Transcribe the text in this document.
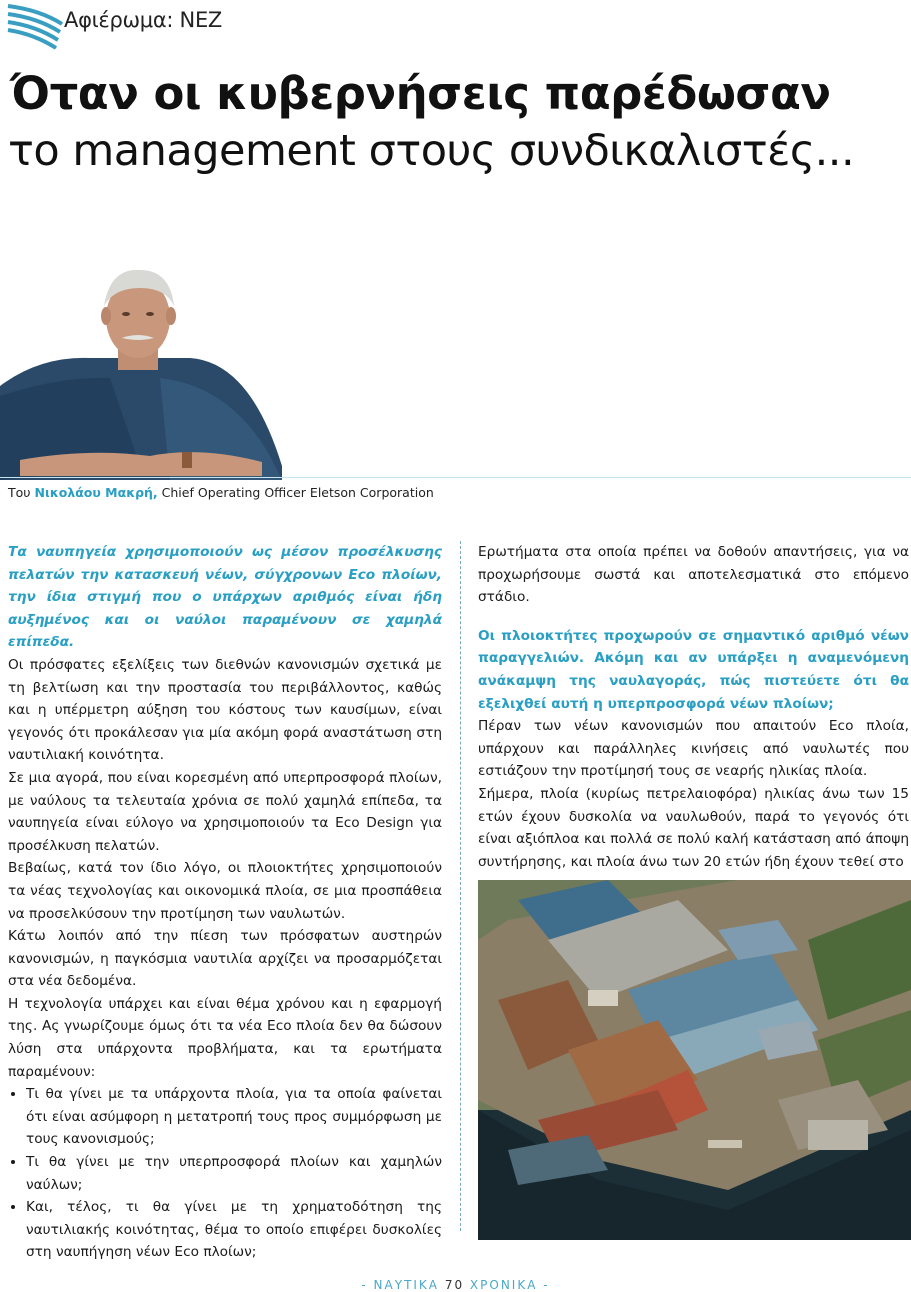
Αφιέρωμα: ΝΕΖ
Όταν οι κυβερνήσεις παρέδωσαν
το management στους συνδικαλιστές...
Του Νικολάου Μακρή, Chief Operating Officer Eletson Corporation

Τα ναυπηγεία χρησιμοποιούν ως μέσον προσέλκυσης πελατών την κατασκευή νέων, σύγχρονων Eco πλοίων, την ίδια στιγμή που ο υπάρχων αριθμός είναι ήδη αυξημένος και οι ναύλοι παραμένουν σε χαμηλά επίπεδα.

Οι πρόσφατες εξελίξεις των διεθνών κανονισμών σχετικά με τη βελτίωση και την προστασία του περιβάλλοντος, καθώς και η υπέρμετρη αύξηση του κόστους των καυσίμων, είναι γεγονός ότι προκάλεσαν για μία ακόμη φορά αναστάτωση στη ναυτιλιακή κοινότητα.

Σε μια αγορά, που είναι κορεσμένη από υπερπροσφορά πλοίων, με ναύλους τα τελευταία χρόνια σε πολύ χαμηλά επίπεδα, τα ναυπηγεία είναι εύλογο να χρησιμοποιούν τα Eco Design για προσέλκυση πελατών.

Βεβαίως, κατά τον ίδιο λόγο, οι πλοιοκτήτες χρησιμοποιούν τα νέας τεχνολογίας και οικονομικά πλοία, σε μια προσπάθεια να προσελκύσουν την προτίμηση των ναυλωτών.

Κάτω λοιπόν από την πίεση των πρόσφατων αυστηρών κανονισμών, η παγκόσμια ναυτιλία αρχίζει να προσαρμόζεται στα νέα δεδομένα.

Η τεχνολογία υπάρχει και είναι θέμα χρόνου και η εφαρμογή της. Ας γνωρίζουμε όμως ότι τα νέα Eco πλοία δεν θα δώσουν λύση στα υπάρχοντα προβλήματα, και τα ερωτήματα παραμένουν:

• Τι θα γίνει με τα υπάρχοντα πλοία, για τα οποία φαίνεται ότι είναι ασύμφορη η μετατροπή τους προς συμμόρφωση με τους κανονισμούς;
• Τι θα γίνει με την υπερπροσφορά πλοίων και χαμηλών ναύλων;
• Και, τέλος, τι θα γίνει με τη χρηματοδότηση της ναυτιλιακής κοινότητας, θέμα το οποίο επιφέρει δυσκολίες στη ναυπήγηση νέων Eco πλοίων;

Ερωτήματα στα οποία πρέπει να δοθούν απαντήσεις, για να προχωρήσουμε σωστά και αποτελεσματικά στο επόμενο στάδιο.

Οι πλοιοκτήτες προχωρούν σε σημαντικό αριθμό νέων παραγγελιών. Ακόμη και αν υπάρξει η αναμενόμενη ανάκαμψη της ναυλαγοράς, πώς πιστεύετε ότι θα εξελιχθεί αυτή η υπερπροσφορά νέων πλοίων;

Πέραν των νέων κανονισμών που απαιτούν Eco πλοία, υπάρχουν και παράλληλες κινήσεις από ναυλωτές που εστιάζουν την προτίμησή τους σε νεαρής ηλικίας πλοία.

Σήμερα, πλοία (κυρίως πετρελαιοφόρα) ηλικίας άνω των 15 ετών έχουν δυσκολία να ναυλωθούν, παρά το γεγονός ότι είναι αξιόπλοα και πολλά σε πολύ καλή κατάσταση από άποψη συντήρησης, και πλοία άνω των 20 ετών ήδη έχουν τεθεί στο

- ΝΑΥΤΙΚΑ 70 ΧΡΟΝΙΚΑ -
